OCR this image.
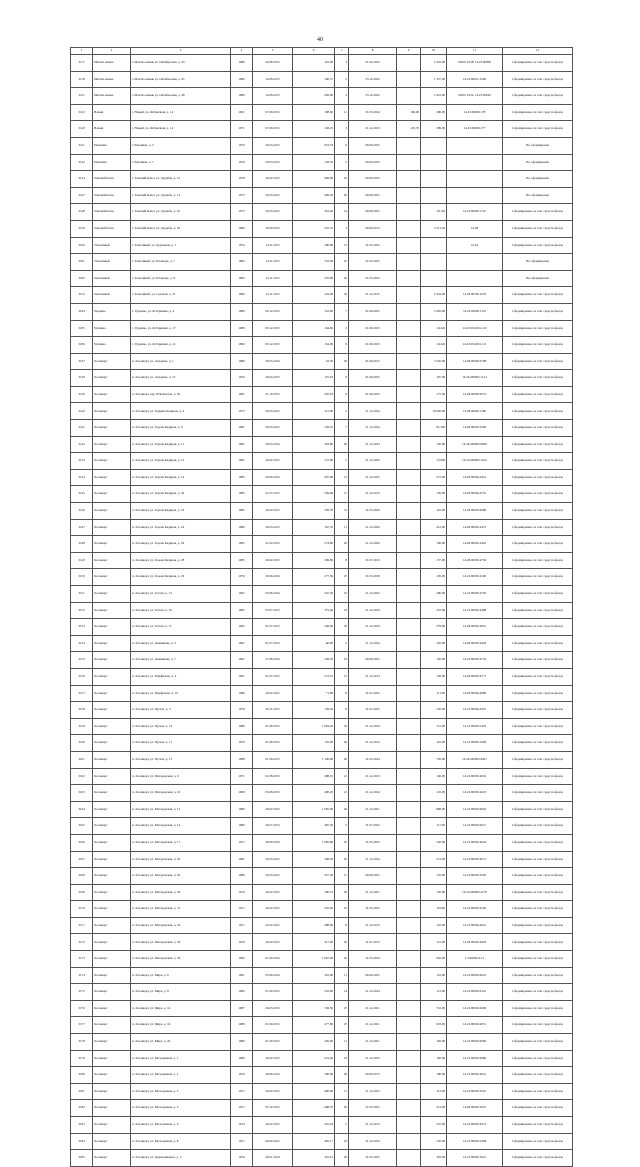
40
1	2	3	4	5	6	7	8	9	10	11	12
3117	Мехтиз-Авань	г. Мехтиз-Авань ул. Октябрьская, д. 43	1986	24.08.2015	163,00	3	21.04.2022		2 403,00	03001 1058, 14.23.00098	Сформировано за счет средств фонда
3118	Мехтиз-Авань	г. Мехтиз-Авань ул. Октябрьская, д. 45	1986	14.08.2015	160,57	2	23.12.2022		1 357,00	14.23.00021.1000	Сформировано за счет средств фонда
3121	Мехтиз-Авань	г. Мехтиз-Авань ул. Октябрьская, д. 48	1989	14.08.2015	458,00	4	23.12.2022		2 401,00	03001 1032, 14.23.00020	Сформировано за счет средств фонда
3122	Новый	г. Новый, ул. Фабричная, д. 14	1961	07.09.2015	198,60	11	31.05.2024	190,00	286,00	14.23.00000.178	Сформировано за счет средств фонда
3140	Новый	г. Новый, ул. Фабричная, д. 14	1971	07.09.2015	192,25	3	21.12.2023	125,70	289,00	14.23.00000.177	Сформировано за счет средств фонда
3141	Ризенина	г. Ризенина, д. 3	1970	26.03.2015	953,33	6	09.09.2025				Не сформирован
3142	Ризенина	г. Ризенина, д. 7	1970	20.03.2015	104,70	5	06.09.2025				Не сформирован
3143	Томский Ключ	г. Томский Ключ, ул. Дружбы, д. 12	1978	26.02.2015	499,00	22	09.09.2025				Не сформирован
3147	Томский Ключ	г. Томский Ключ, ул. Дружбы, д. 14	1975	26.03.2015	499,30	20	09.09.2025				Не сформирован
3148	Томский Ключ	г. Томский Ключ, ул. Дружбы, д. 16	1975	26.03.2015	361,40	14	09.09.2025		19,126	14.23.00000.1761	Сформировано за счет средств фонда
3150	Томский Ключ	г. Томский Ключ, ул. Дружбы, д. 18	1982	16.09.2015	232,70	3	09.09.2015		3 513,20	14.28	Сформировано за счет средств фонда
3160	Тополиный	г. Тополиный, ул. Дорожная, д. 7	1974	14.11.2015	180,80	12	31.05.2022			16.24	Сформировано за счет средств фонда
3181	Тополиный	г. Тополиный, ул. Площадь, д. 7	1982	14.11.2015	743,00	47	21.03.2025				Не сформирован
3182	Тополиный	г. Тополиный, ул. Площадь, д. 8	1983	14.11.2015	370,80	26	21.03.2025				Не сформирован
3155	Тополиный	г. Тополиный, ул. Садовая, д. 10	1982	14.11.2015	144,00	32	21.12.2015		4 334,00	14.28.00760.1076	Сформировано за счет средств фонда
3184	Удорино	г. Удорино, ул. Ф.Гаршина, д. 4	1989	09.12.2015	152,60	7	01.09.2025		3 495,00	14.23.00000.1110	Сформировано за счет средств фонда
3185	Удорино	г. Удорино, ул. Ф.Гаршина, д. 17	1989	09.12.2015	164,60	2	01.09.2025		10,226	14.23.00.0001.110	Сформировано за счет средств фонда
3186	Удорино	г. Удорино, ул. Ф.Гаршина, д. 21	1990	09.12.2015	154,00	9	01.09.2025		10,226	14.23.00.0001.111	Сформировано за счет средств фонда
3137	Хасавюрт	п. Хасавюрт, ул. Агидаева, д. 1	1989	30.03.2016	43,30	20	01.09.2015		7 026,00	14.28.00000.0708	Сформировано за счет средств фонда
3139	Хасавюрт	п. Хасавюрт, ул. Агидаева, д. 15	1976	26.04.2015	125,63	9	01.09.2025		107,00	14.24.000002.1141	Сформировано за счет средств фонда
3139	Хасавюрт	п. Хасавюрт, пер. В.Чемогова, д. 92	1981	01.10.2015	265,63	9	01.09.2025		175,00	14.28.00000.6072	Сформировано за счет средств фонда
3140	Хасавюрт	п. Хасавюрт, ул. Герцена Кадиров, д. 6	1975	20.03.2015	121,90	2	21.12.2024		16 020,00	14.28.00002.1180	Сформировано за счет средств фонда
3141	Хасавюрт	п. Хасавюрт, ул. Героев Кадиров, д. 8	1981	20.03.2015	102,10	7	21.12.2024		81,500	14.28.00002.2296	Сформировано за счет средств фонда
3142	Хасавюрт	п. Хасавюрт, ул. Героев Кадиров, д. 11	1981	20.03.2016	363,80	26	21.12.2023		136,00	14.24.000002.6609	Сформировано за счет средств фонда
3143	Хасавюрт	п. Хасавюрт, ул. Героев Кадиров, д. 12	1981	20.02.2015	172,90	2	21.12.2026		13,900	14.23.000002.1612	Сформировано за счет средств фонда
3144	Хасавюрт	п. Хасавюрт, ул. Героев Кадиров, д. 14	1985	20.06.2016	207,90	13	21.12.2025		272,00	14.28.00002.4461	Сформировано за счет средств фонда
3145	Хасавюрт	п. Хасавюрт, ул. Героев Кадиров, д. 20	1985	21.07.2015	239,60	17	21.12.2013		156,00	14.28.00002.4752	Сформировано за счет средств фонда
3146	Хасавюрт	п. Хасавюрт, ул. Героев Кадиров, д. 22	1985	26.02.2015	558,78	31	31.03.2026		122,00	14.28.00002.6086	Сформировано за счет средств фонда
3147	Хасавюрт	п. Хасавюрт, ул. Героев Кадиров, д. 24	1980	26.03.2015	167,35	11	21.12.2026		221,00	14.28.00002.4475	Сформировано за счет средств фонда
3148	Хасавюрт	п. Хасавюрт, ул. Героев Кадиров, д. 26	1985	21.02.2015	274,90	20	21.12.2026		106,00	14.28.00002.4462	Сформировано за счет средств фонда
3149	Хасавюрт	п. Хасавюрт, ул. Героев Кадиров, д. 28	1985	26.02.2015	269,80	8	31.07.2013		157,00	14.28.00002.4756	Сформировано за счет средств фонда
3150	Хасавюрт	п. Хасавюрт, ул. Героев Кадиров, д. 29	1976	30.06.2016	277,39	27	31.03.2028		105,00	14.23.00002.4106	Сформировано за счет средств фонда
3151	Хасавюрт	п. Хасавюрт, ул. Гоголя, д. 13	1962	03.08.2016	247,50	10	21.12.2022		286,00	14.23.00002.4702	Сформировано за счет средств фонда
3152	Хасавюрт	п. Хасавюрт, ул. Гоголя, д. 16	1985	03.07.2015	375,40	23	21.12.2024		252,00	14.23.00002.4488	Сформировано за счет средств фонда
3153	Хасавюрт	п. Хасавюрт, ул. Гоголя, д. 17	1965	01.07.2015	249,60	32	21.12.2024		278,00	14.28.00002.4091	Сформировано за счет средств фонда
3154	Хасавюрт	п. Хасавюрт, ул. Донникова, д. 3	1961	01.07.2015	-66,90	2	21.12.2024		162,00	14.28.00002.4402	Сформировано за счет средств фонда
3155	Хасавюрт	п. Хасавюрт, ул. Донникова, д. 7	1961	27.08.2016	238,45	18	09.09.2025		182,00	14.25.00002.4732	Сформировано за счет средств фонда
3156	Хасавюрт	п. Хасавюрт, ул. Панфилова, д. 4	1961	01.07.2015	272,10	12	21.12.2014		128,00	14.28.00002.4771	Сформировано за счет средств фонда
3157	Хасавюрт	п. Хасавюрт, ул. Панфилова, д. 10	1986	26.02.2015	71,80	8	31.07.2022		111,00	14.28.00002.4986	Сформировано за счет средств фонда
3158	Хасавюрт	п. Хасавюрт, ул. Пугача, д. 3	1979	30.11.2015	159,50	8	31.07.2025		102,00	14.23.00002.4307	Сформировано за счет средств фонда
3159	Хасавюрт	п. Хасавюрт, ул. Пугача, д. 12	1980	01.08.2015	1 094,20	34	21.12.2024		151,00	14.23.00002.5418	Сформировано за счет средств фонда
3160	Хасавюрт	п. Хасавюрт, ул. Пугача, д. 11	1979	01.08.2015	152,60	46	21.12.2014		122,00	14.23.00002.1699	Сформировано за счет средств фонда
3161	Хасавюрт	п. Хасавюрт, ул. Пугача, д. 15	1988	01.08.2015	1 100,60	40	31.03.2024		756,00	14.24.000002.6001	Сформировано за счет средств фонда
3162	Хасавюрт	п. Хасавюрт, ул. Магоровская, д. 6	1971	01.08.2015	488,10	21	21.12.2023		166,00	14.23.00002.4632	Сформировано за счет средств фонда
3163	Хасавюрт	п. Хасавюрт, ул. Магоровская, д. 10	1968	03.08.2015	490,20	21	21.12.2024		101,00	14.23.00002.4625	Сформировано за счет средств фонда
3164	Хасавюрт	п. Хасавюрт, ул. Магоровская, д. 12	1980	26.02.2015	1 095,00	46	21.12.2021		898,00	14.23.00002.6645	Сформировано за счет средств фонда
3165	Хасавюрт	п. Хасавюрт, ул. Магоровская, д. 14	1980	26.07.2015	487,50	2	31.07.2022		117,00	14.23.00002.6671	Сформировано за счет средств фонда
3166	Хасавюрт	п. Хасавюрт, ул. Магоровская, д. 17	1971	30.09.2016	1 095,80	25	31.05.2025		236,00	14.23.00002.4644	Сформировано за счет средств фонда
3167	Хасавюрт	п. Хасавюрт, ул. Магоровская, д. 20	1981	26.03.2015	348,20	20	21.12.2024		274,00	14.23.00002.4671	Сформировано за счет средств фонда
3168	Хасавюрт	п. Хасавюрт, ул. Магоровская, д. 26	1989	26.03.2015	357,30	17	09.09.2025		155,00	14.23.00002.4595	Сформировано за счет средств фонда
3169	Хасавюрт	п. Хасавюрт, ул. Магоровская, д. 29	1976	26.02.2015	306,31	46	21.12.2021		102,00	14.23.000002.4170	Сформировано за счет средств фонда
3170	Хасавюрт	п. Хасавюрт, ул. Магоровская, д. 31	1971	26.02.2015	470,20	22	31.05.2022		118,00	14.23.00002.4546	Сформировано за счет средств фонда
3171	Хасавюрт	п. Хасавюрт, ул. Магоровская, д. 34	1971	22.02.2015	488,00	8	21.12.2013		122,00	14.23.00002.4641	Сформировано за счет средств фонда
3172	Хасавюрт	п. Хасавюрт, ул. Магоровская, д. 36	1976	26.02.2015	417,00	20	31.07.2013		121,00	14.28.00002.4903	Сформировано за счет средств фонда
3173	Хасавюрт	п. Хасавюрт, ул. Магоровская, д. 39	1990	01.09.2016	1 007,60	42	31.03.2024		902,00	1.23000014.12	Сформировано за счет средств фонда
3174	Хасавюрт	п. Хасавюрт, ул. Мира, д. 6	1961	03.08.2016	322,00	11	09.09.2025		122,00	14.23.00002.6016	Сформировано за счет средств фонда
3175	Хасавюрт	п. Хасавюрт, ул. Мира, д. 8	1960	01.09.2015	232,60	14	21.12.2024		121,00	14.23.00002.6161	Сформировано за счет средств фонда
3176	Хасавюрт	п. Хасавюрт, ул. Мира, д. 14	1987	26.03.2015	749,50	27	21.12.2021		716,00	14.23.00002.6000	Сформировано за счет средств фонда
3177	Хасавюрт	п. Хасавюрт, ул. Мира, д. 16	1989	01.09.2015	477,80	27	21.12.2021		603,00	14.23.00002.6051	Сформировано за счет средств фонда
3178	Хасавюрт	п. Хасавюрт, ул. Мира, д. 22	1980	01.09.2015	320,60	11	21.12.2021		182,00	14.23.00002.6096	Сформировано за счет средств фонда
3179	Хасавюрт	п. Хасавюрт, ул. Молодежная, д. 1	1980	26.02.2015	541,40	23	21.12.2025		182,00	14.23.00002.6986	Сформировано за счет средств фонда
3180	Хасавюрт	п. Хасавюрт, ул. Молодежная, д. 2	1976	26.06.2016	306,00	29	09.09.2015		186,00	14.23.00002.4641	Сформировано за счет средств фонда
3181	Хасавюрт	п. Хасавюрт, ул. Молодежная, д. 3	1971	26.02.2015	490,60	11	21.12.2023		112,00	14.23.00002.4561	Сформировано за счет средств фонда
3182	Хасавюрт	п. Хасавюрт, ул. Молодежная, д. 5	1971	03.12.2015	-408,70	26	21.03.2025		314,00	14.28.00002.3001	Сформировано за счет средств фонда
3183	Хасавюрт	п. Хасавюрт, ул. Молодежная, д. 6	1974	26.02.2015	416,43	2	21.12.2015		237,00	14.23.00002.4551	Сформировано за счет средств фонда
3184	Хасавюрт	п. Хасавюрт, ул. Молодежная, д. 8	1971	04.09.2015	495,17	23	31.12.2024		102,00	14.23.00002.5409	Сформировано за счет средств фонда
3185	Хасавюрт	п. Хасавюрт, ул. Орджоникидзе, д. 3	1976	26.01.2016	391,61	26	31.05.2025		393,00	14.23.00002.3621	Сформировано за счет средств фонда
